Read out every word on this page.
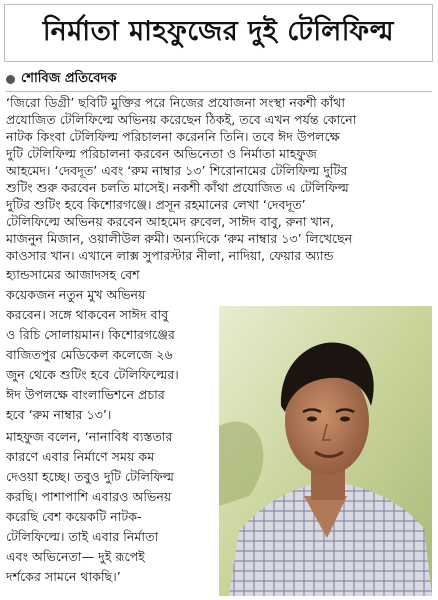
নির্মাতা মাহফুজের দুই টেলিফিল্ম
শোবিজ প্রতিবেদক
‘জিরো ডিগ্রী’ ছবিটি মুক্তির পরে নিজের প্রযোজনা সংস্থা নকশী কাঁথা
প্রযোজিত টেলিফিল্মে অভিনয় করেছেন ঠিকই, তবে এখন পর্যন্ত কোনো
নাটক কিংবা টেলিফিল্ম পরিচালনা করেননি তিনি। তবে ঈদ উপলক্ষে
দুটি টেলিফিল্ম পরিচালনা করবেন অভিনেতা ও নির্মাতা মাহফুজ
আহমেদ। ‘দেবদূত’ এবং ‘রুম নাম্বার ১৩’ শিরোনামের টেলিফিল্ম দুটির
শুটিং শুরু করবেন চলতি মাসেই। নকশী কাঁথা প্রযোজিত এ টেলিফিল্ম
দুটির শুটিং হবে কিশোরগঞ্জে। প্রসূন রহমানের লেখা ‘দেবদূত’
টেলিফিল্মে অভিনয় করবেন আহমেদ রুবেল, সাঈদ বাবু, রুনা খান,
মাজনুন মিজান, ওয়ালীউল রুমী। অন্যদিকে ‘রুম নাম্বার ১৩’ লিখেছেন
কাওসার খান। এখানে লাক্স সুপারস্টার নীলা, নাদিয়া, ফেয়ার অ্যান্ড
হ্যান্ডসামের আজাদসহ বেশ
কয়েকজন নতুন মুখ অভিনয়
করবেন। সঙ্গে থাকবেন সাঈদ বাবু
ও রিচি সোলায়মান। কিশোরগঞ্জের
বাজিতপুর মেডিকেল কলেজে ২৬
জুন থেকে শুটিং হবে টেলিফিল্মের।
ঈদ উপলক্ষে বাংলাভিশনে প্রচার
হবে ‘রুম নাম্বার ১৩’।
মাহফুজ বলেন, ‘নানাবিধ ব্যস্ততার
কারণে এবার নির্মাণে সময় কম
দেওয়া হচ্ছে। তবুও দুটি টেলিফিল্ম
করছি। পাশাপাশি এবারও অভিনয়
করেছি বেশ কয়েকটি নাটক-
টেলিফিল্মে। তাই এবার নির্মাতা
এবং অভিনেতা— দুই রূপেই
দর্শকের সামনে থাকছি।’
